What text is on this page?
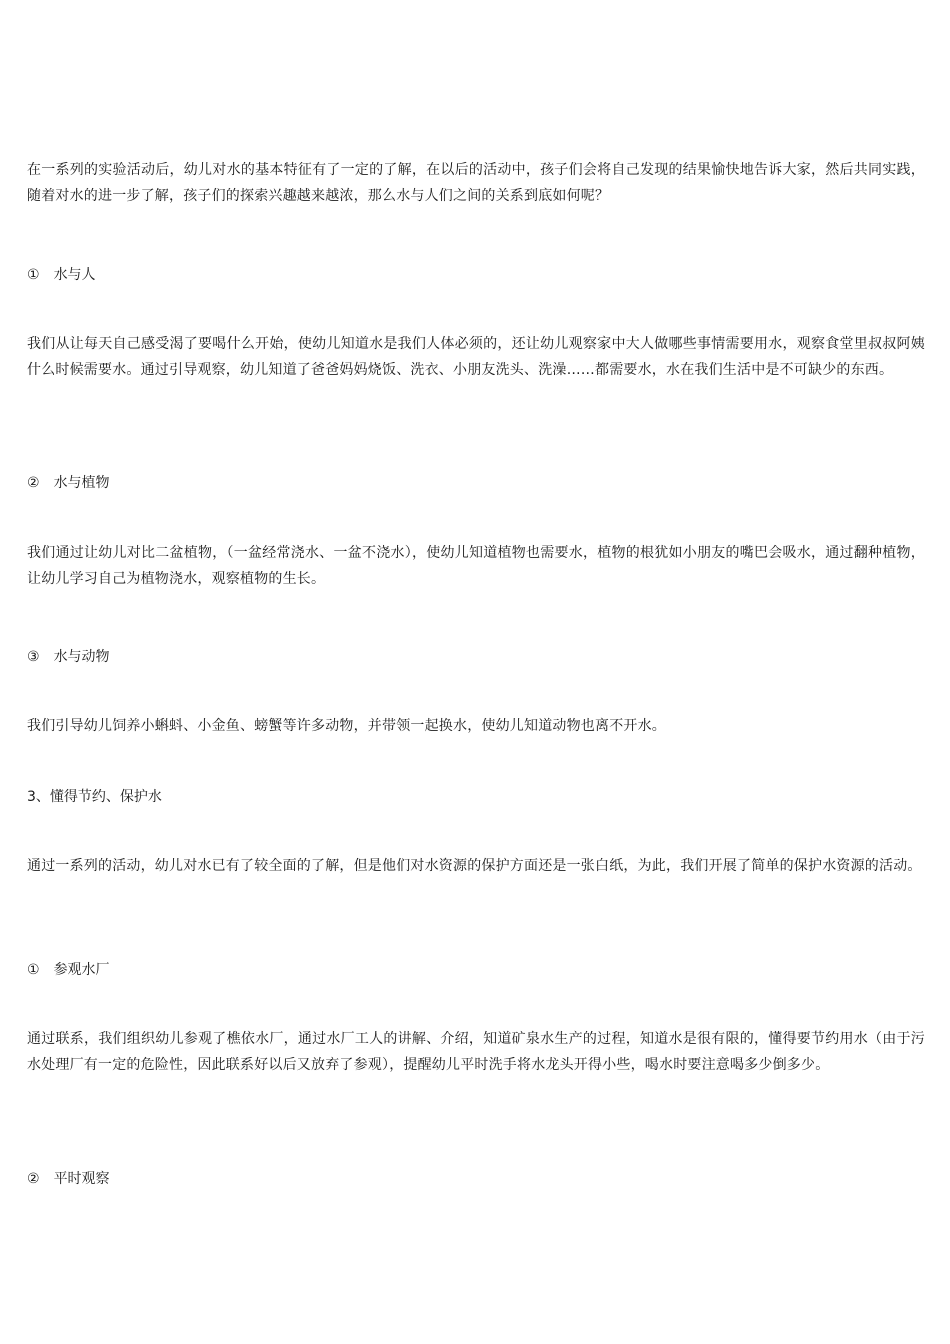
在一系列的实验活动后，幼儿对水的基本特征有了一定的了解，在以后的活动中，孩子们会将自己发现的结果愉快地告诉大家，然后共同实践，随着对水的进一步了解，孩子们的探索兴趣越来越浓，那么水与人们之间的关系到底如何呢？

① 水与人

我们从让每天自己感受渴了要喝什么开始，使幼儿知道水是我们人体必须的，还让幼儿观察家中大人做哪些事情需要用水，观察食堂里叔叔阿姨什么时候需要水。通过引导观察，幼儿知道了爸爸妈妈烧饭、洗衣、小朋友洗头、洗澡……都需要水，水在我们生活中是不可缺少的东西。

② 水与植物

我们通过让幼儿对比二盆植物，（一盆经常浇水、一盆不浇水），使幼儿知道植物也需要水，植物的根犹如小朋友的嘴巴会吸水，通过翻种植物，让幼儿学习自己为植物浇水，观察植物的生长。

③ 水与动物

我们引导幼儿饲养小蝌蚪、小金鱼、螃蟹等许多动物，并带领一起换水，使幼儿知道动物也离不开水。

3、懂得节约、保护水

通过一系列的活动，幼儿对水已有了较全面的了解，但是他们对水资源的保护方面还是一张白纸，为此，我们开展了简单的保护水资源的活动。

① 参观水厂

通过联系，我们组织幼儿参观了樵依水厂，通过水厂工人的讲解、介绍，知道矿泉水生产的过程，知道水是很有限的，懂得要节约用水（由于污水处理厂有一定的危险性，因此联系好以后又放弃了参观），提醒幼儿平时洗手将水龙头开得小些，喝水时要注意喝多少倒多少。

② 平时观察
